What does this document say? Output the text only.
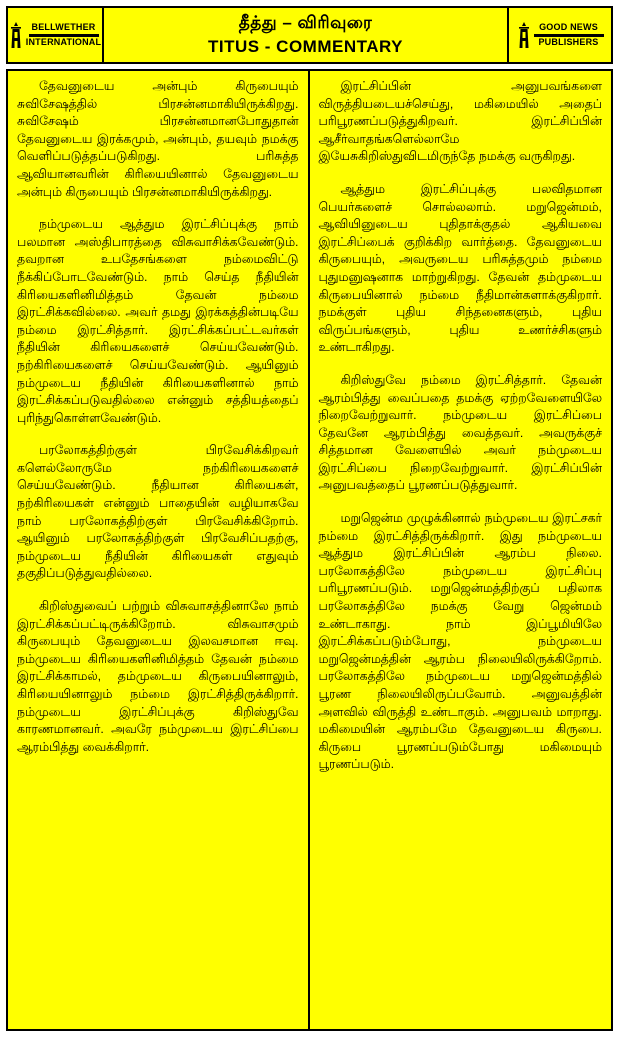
BELLWETHER
INTERNATIONAL
தீத்து – விரிவுரை
TITUS - COMMENTARY
GOOD NEWS
PUBLISHERS

தேவனுடைய அன்பும் கிருபையும் சுவிசேஷத்தில் பிரசன்னமாகியிருக்கிறது. சுவிசேஷம் பிரசன்னமானபோதுதான் தேவனுடைய இரக்கமும், அன்பும், தயவும் நமக்கு வெளிப்படுத்தப்படுகிறது. பரிசுத்த ஆவியானவரின் கிரியையினால் தேவனுடைய அன்பும் கிருபையும் பிரசன்னமாகியிருக்கிறது.

நம்முடைய ஆத்தும இரட்சிப்புக்கு நாம் பலமான அஸ்திபாரத்தை விசுவாசிக்கவேண்டும். தவறான உபதேசங்களை நம்மைவிட்டு நீக்கிப்போடவேண்டும். நாம் செய்த நீதியின் கிரியைகளினிமித்தம் தேவன் நம்மை இரட்சிக்கவில்லை. அவர் தமது இரக்கத்தின்படியே நம்மை இரட்சித்தார். இரட்சிக்கப்பட்டவர்கள் நீதியின் கிரியைகளைச் செய்யவேண்டும். நற்கிரியைகளைச் செய்யவேண்டும். ஆயினும் நம்முடைய நீதியின் கிரியைகளினால் நாம் இரட்சிக்கப்படுவதில்லை என்னும் சத்தியத்தைப் புரிந்துகொள்ளவேண்டும்.

பரலோகத்திற்குள் பிரவேசிக்கிறவர் களெல்லோருமே நற்கிரியைகளைச் செய்யவேண்டும். நீதியான கிரியைகள், நற்கிரியைகள் என்னும் பாதையின் வழியாகவே நாம் பரலோகத்திற்குள் பிரவேசிக்கிறோம். ஆயினும் பரலோகத்திற்குள் பிரவேசிப்பதற்கு, நம்முடைய நீதியின் கிரியைகள் எதுவும் தகுதிப்படுத்துவதில்லை.

கிறிஸ்துவைப் பற்றும் விசுவாசத்தினாலே நாம் இரட்சிக்கப்பட்டிருக்கிறோம். விசுவாசமும் கிருபையும் தேவனுடைய இலவசமான ஈவு. நம்முடைய கிரியைகளினிமித்தம் தேவன் நம்மை இரட்சிக்காமல், தம்முடைய கிருபையினாலும், கிரியையினாலும் நம்மை இரட்சித்திருக்கிறார். நம்முடைய இரட்சிப்புக்கு கிறிஸ்துவே காரணமானவர். அவரே நம்முடைய இரட்சிப்பை ஆரம்பித்து வைக்கிறார்.

இரட்சிப்பின் அனுபவங்களை விருத்தியடையச்செய்து, மகிமையில் அதைப் பரிபூரணப்படுத்துகிறவர். இரட்சிப்பின் ஆசீர்வாதங்களெல்லாமே இயேசுகிறிஸ்துவிடமிருந்தே நமக்கு வருகிறது.

ஆத்தும இரட்சிப்புக்கு பலவிதமான பெயர்களைச் சொல்லலாம். மறுஜென்மம், ஆவியினுடைய புதிதாக்குதல் ஆகியவை இரட்சிப்பைக் குறிக்கிற வார்த்தை. தேவனுடைய கிருபையும், அவருடைய பரிசுத்தமும் நம்மை புதுமனுஷனாக மாற்றுகிறது. தேவன் தம்முடைய கிருபையினால் நம்மை நீதிமான்களாக்குகிறார். நமக்குள் புதிய சிந்தனைகளும், புதிய விருப்பங்களும், புதிய உணர்ச்சிகளும் உண்டாகிறது.

கிறிஸ்துவே நம்மை இரட்சித்தார். தேவன் ஆரம்பித்து வைப்பதை தமக்கு ஏற்றவேளையிலே நிறைவேற்றுவார். நம்முடைய இரட்சிப்பை தேவனே ஆரம்பித்து வைத்தவர். அவருக்குச் சித்தமான வேளையில் அவர் நம்முடைய இரட்சிப்பை நிறைவேற்றுவார். இரட்சிப்பின் அனுபவத்தைப் பூரணப்படுத்துவார்.

மறுஜென்ம முழுக்கினால் நம்முடைய இரட்சகர் நம்மை இரட்சித்திருக்கிறார். இது நம்முடைய ஆத்தும இரட்சிப்பின் ஆரம்ப நிலை. பரலோகத்திலே நம்முடைய இரட்சிப்பு பரிபூரணப்படும். மறுஜென்மத்திற்குப் பதிலாக பரலோகத்திலே நமக்கு வேறு ஜென்மம் உண்டாகாது. நாம் இப்பூமியிலே இரட்சிக்கப்படும்போது, நம்முடைய மறுஜென்மத்தின் ஆரம்ப நிலையிலிருக்கிறோம். பரலோகத்திலே நம்முடைய மறுஜென்மத்தில் பூரண நிலையிலிருப்பவோம். அனுவத்தின் அளவில் விருத்தி உண்டாகும். அனுபவம் மாறாது. மகிமையின் ஆரம்பமே தேவனுடைய கிருபை. கிருபை பூரணப்படும்போது மகிமையும் பூரணப்படும்.
